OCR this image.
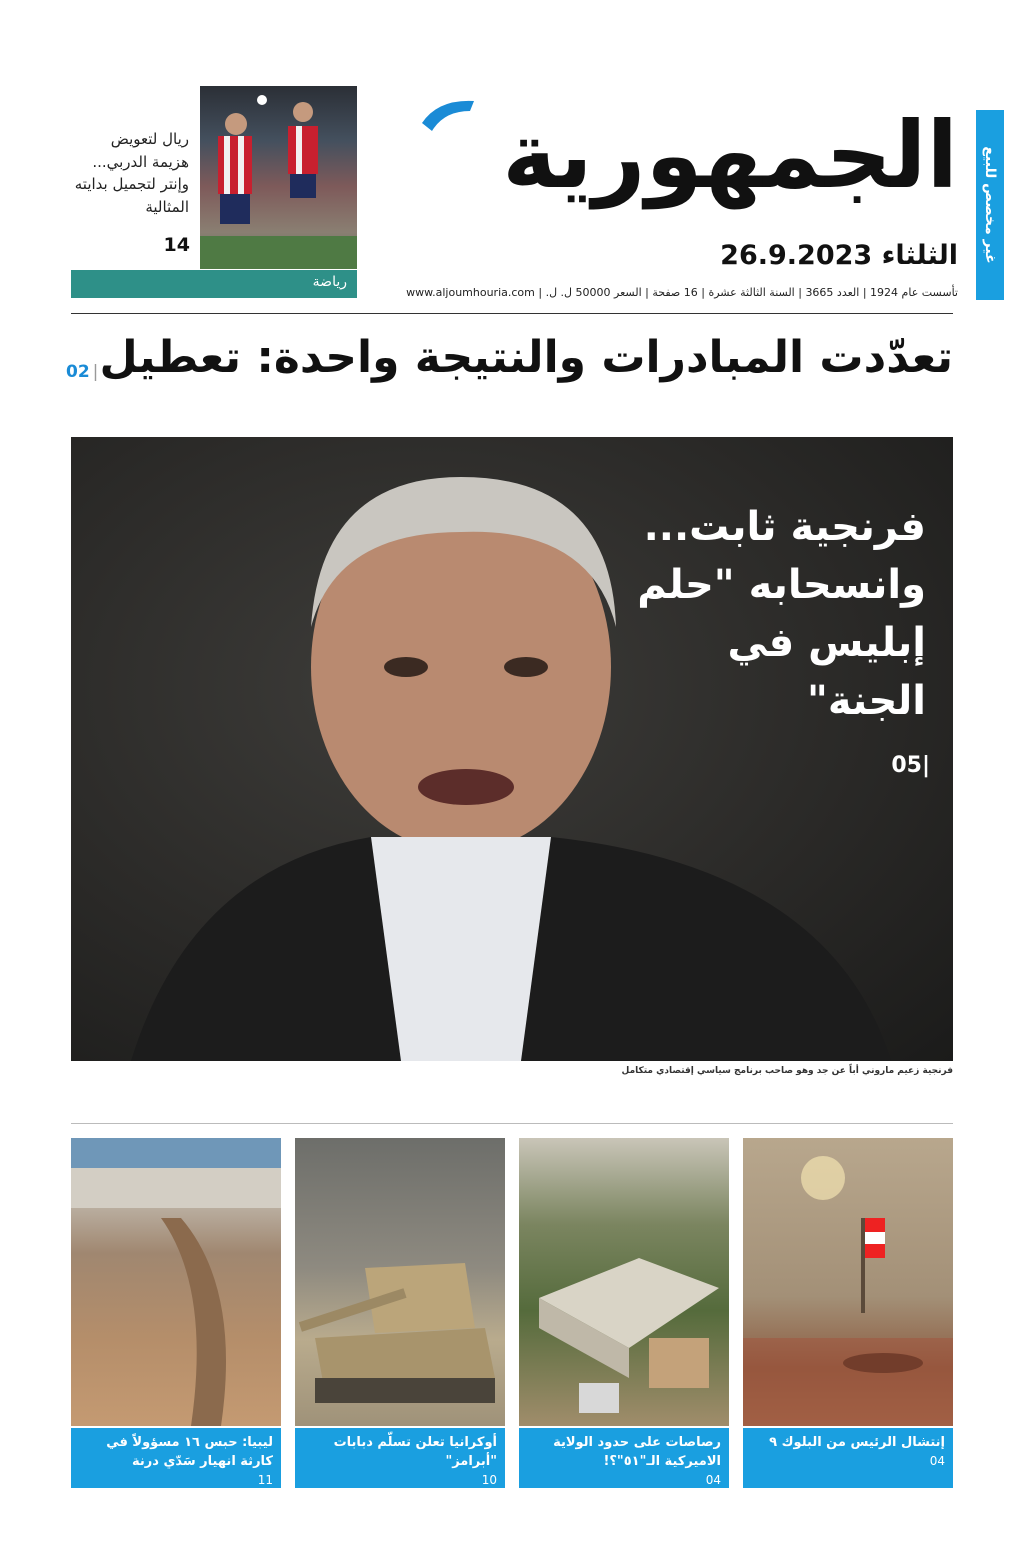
غير مخصص للبيع
الجمهورية
الثلثاء 26.9.2023
تأسست عام 1924 | العدد 3665 | السنة الثالثة عشرة | 16 صفحة | السعر 50000 ل. ل. | www.aljoumhouria.com
رياضة
ريال لتعويض هزيمة الدربي... وإنتر لتجميل بدايته المثالية
14
تعدّدت المبادرات والنتيجة واحدة: تعطيل
02 |
فرنجية ثابت... وانسحابه "حلم إبليس في الجنة"
05|
فرنجية زعيم ماروني أباً عن جد وهو صاحب برنامج سياسي إقتصادي متكامل
إنتشال الرئيس من البلوك ٩
04
رصاصات على حدود الولاية الاميركية الـ"٥١"؟!
04
أوكرانيا تعلن تسلّم دبابات "أبرامز"
10
ليبيا: حبس ١٦ مسؤولاً في كارثة انهيار سَدّي درنة
11
